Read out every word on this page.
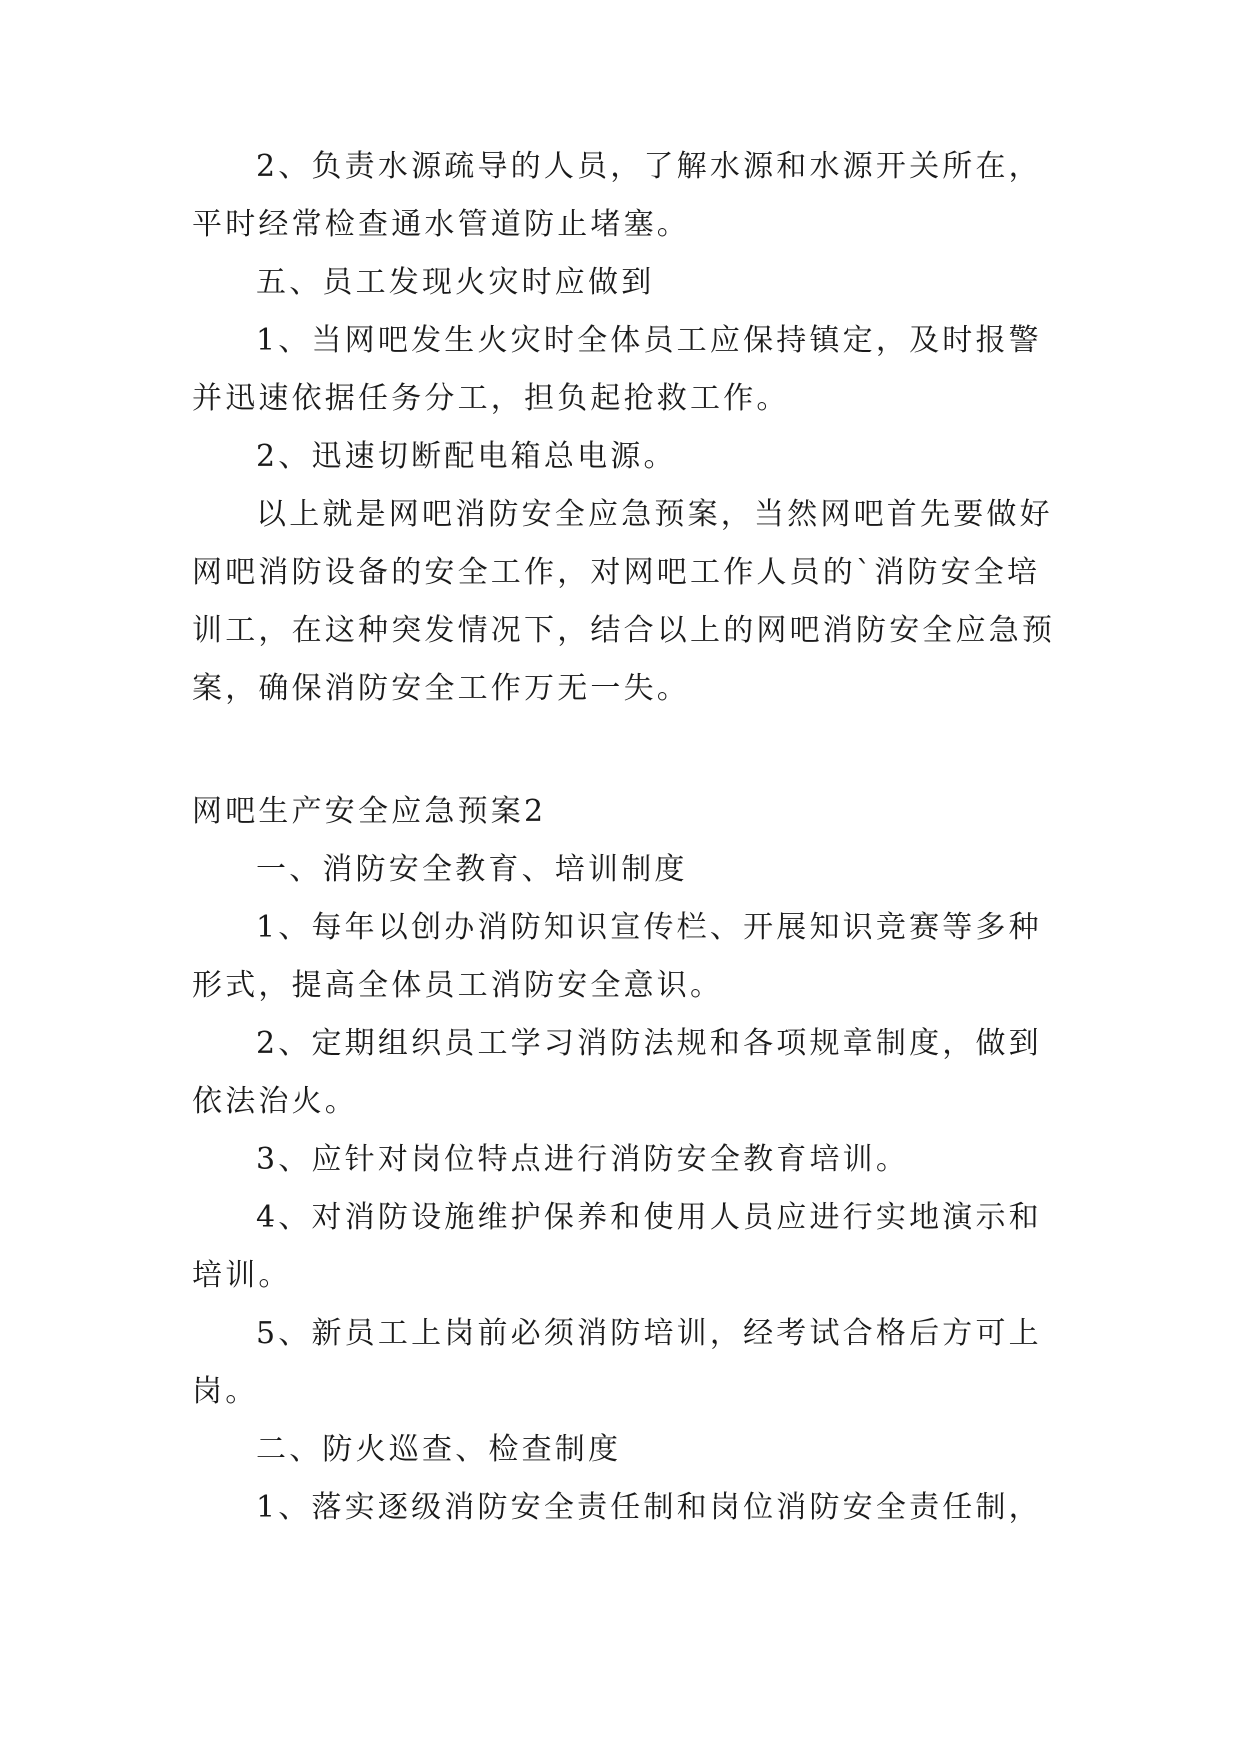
2、负责水源疏导的人员，了解水源和水源开关所在，
平时经常检查通水管道防止堵塞。

五、员工发现火灾时应做到

1、当网吧发生火灾时全体员工应保持镇定，及时报警
并迅速依据任务分工，担负起抢救工作。

2、迅速切断配电箱总电源。

以上就是网吧消防安全应急预案，当然网吧首先要做好
网吧消防设备的安全工作，对网吧工作人员的`消防安全培
训工，在这种突发情况下，结合以上的网吧消防安全应急预
案，确保消防安全工作万无一失。

网吧生产安全应急预案2

一、消防安全教育、培训制度

1、每年以创办消防知识宣传栏、开展知识竞赛等多种
形式，提高全体员工消防安全意识。

2、定期组织员工学习消防法规和各项规章制度，做到
依法治火。

3、应针对岗位特点进行消防安全教育培训。

4、对消防设施维护保养和使用人员应进行实地演示和
培训。

5、新员工上岗前必须消防培训，经考试合格后方可上
岗。

二、防火巡查、检查制度

1、落实逐级消防安全责任制和岗位消防安全责任制，
